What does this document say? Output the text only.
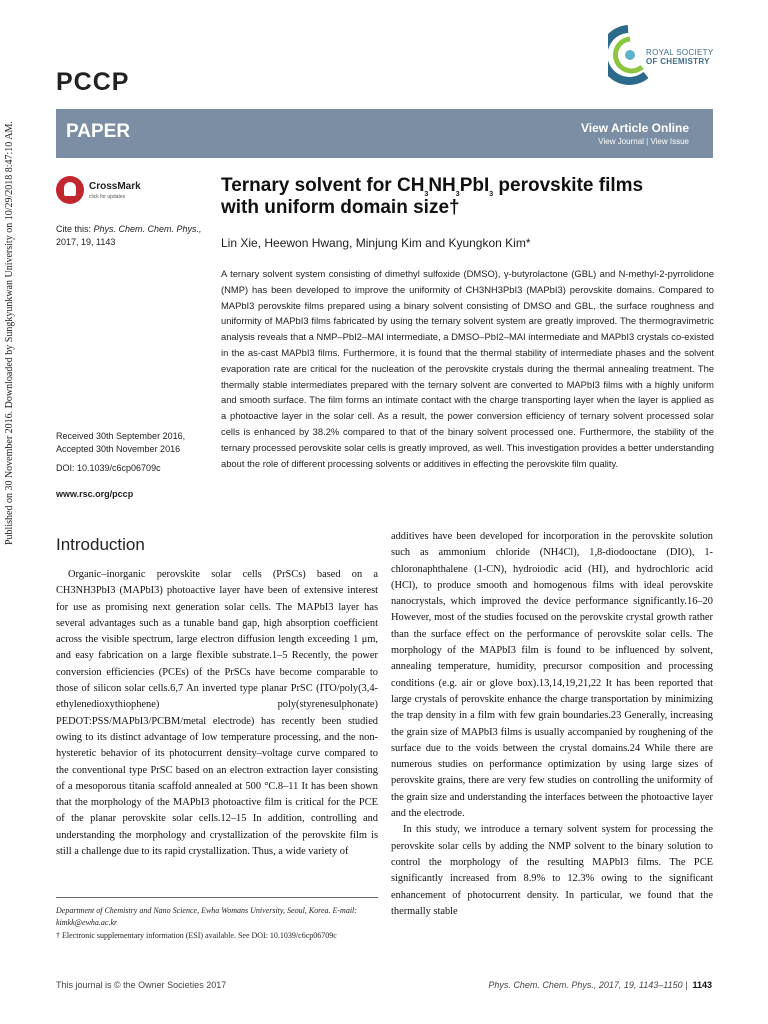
Published on 30 November 2016. Downloaded by Sungkyunkwan University on 10/29/2018 8:47:10 AM.
PCCP
ROYAL SOCIETY
OF CHEMISTRY
PAPER	View Article Online
View Journal | View Issue
CrossMark
click for updates
Cite this: Phys. Chem. Chem. Phys.,
2017, 19, 1143
Received 30th September 2016,
Accepted 30th November 2016
DOI: 10.1039/c6cp06709c
www.rsc.org/pccp
Ternary solvent for $CH_3NH_3PbI_3$ perovskite films
with uniform domain size†
Lin Xie, Heewon Hwang, Minjung Kim and Kyungkon Kim*
A ternary solvent system consisting of dimethyl sulfoxide (DMSO), γ-butyrolactone (GBL) and N-methyl-2-pyrrolidone (NMP) has been developed to improve the uniformity of CH3NH3PbI3 (MAPbI3) perovskite domains. Compared to MAPbI3 perovskite films prepared using a binary solvent consisting of DMSO and GBL, the surface roughness and uniformity of MAPbI3 films fabricated by using the ternary solvent system are greatly improved. The thermogravimetric analysis reveals that a NMP–PbI2–MAI intermediate, a DMSO–PbI2–MAI intermediate and MAPbI3 crystals co-existed in the as-cast MAPbI3 films. Furthermore, it is found that the thermal stability of intermediate phases and the solvent evaporation rate are critical for the nucleation of the perovskite crystals during the thermal annealing treatment. The thermally stable intermediates prepared with the ternary solvent are converted to MAPbI3 films with a highly uniform and smooth surface. The film forms an intimate contact with the charge transporting layer when the layer is applied as a photoactive layer in the solar cell. As a result, the power conversion efficiency of ternary solvent processed solar cells is enhanced by 38.2% compared to that of the binary solvent processed one. Furthermore, the stability of the ternary processed perovskite solar cells is greatly improved, as well. This investigation provides a better understanding about the role of different processing solvents or additives in effecting the perovskite film quality.
Introduction

Organic–inorganic perovskite solar cells (PrSCs) based on a CH3NH3PbI3 (MAPbI3) photoactive layer have been of extensive interest for use as promising next generation solar cells. The MAPbI3 layer has several advantages such as a tunable band gap, high absorption coefficient across the visible spectrum, large electron diffusion length exceeding 1 μm, and easy fabrication on a large flexible substrate.1–5 Recently, the power conversion efficiencies (PCEs) of the PrSCs have become comparable to those of silicon solar cells.6,7 An inverted type planar PrSC (ITO/poly(3,4-ethylenedioxythiophene) poly(styrenesulphonate) PEDOT:PSS/MAPbI3/PCBM/metal electrode) has recently been studied owing to its distinct advantage of low temperature processing, and the non-hysteretic behavior of its photocurrent density–voltage curve compared to the conventional type PrSC based on an electron extraction layer consisting of a mesoporous titania scaffold annealed at 500 °C.8–11 It has been shown that the morphology of the MAPbI3 photoactive film is critical for the PCE of the planar perovskite solar cells.12–15 In addition, controlling and understanding the morphology and crystallization of the perovskite film is still a challenge due to its rapid crystallization. Thus, a wide variety of

additives have been developed for incorporation in the perovskite solution such as ammonium chloride (NH4Cl), 1,8-diodooctane (DIO), 1-chloronaphthalene (1-CN), hydroiodic acid (HI), and hydrochloric acid (HCl), to produce smooth and homogenous films with ideal perovskite nanocrystals, which improved the device performance significantly.16–20 However, most of the studies focused on the perovskite crystal growth rather than the surface effect on the performance of perovskite solar cells. The morphology of the MAPbI3 film is found to be influenced by solvent, annealing temperature, humidity, precursor composition and processing conditions (e.g. air or glove box).13,14,19,21,22 It has been reported that large crystals of perovskite enhance the charge transportation by minimizing the trap density in a film with few grain boundaries.23 Generally, increasing the grain size of MAPbI3 films is usually accompanied by roughening of the surface due to the voids between the crystal domains.24 While there are numerous studies on performance optimization by using large sizes of perovskite grains, there are very few studies on controlling the uniformity of the grain size and understanding the interfaces between the photoactive layer and the electrode.

In this study, we introduce a ternary solvent system for processing the perovskite solar cells by adding the NMP solvent to the binary solution to control the morphology of the resulting MAPbI3 films. The PCE significantly increased from 8.9% to 12.3% owing to the significant enhancement of photocurrent density. In particular, we found that the thermally stable

Department of Chemistry and Nano Science, Ewha Womans University, Seoul, Korea. E-mail: kimkk@ewha.ac.kr
† Electronic supplementary information (ESI) available. See DOI: 10.1039/c6cp06709c
This journal is © the Owner Societies 2017	Phys. Chem. Chem. Phys., 2017, 19, 1143–1150 | 1143
